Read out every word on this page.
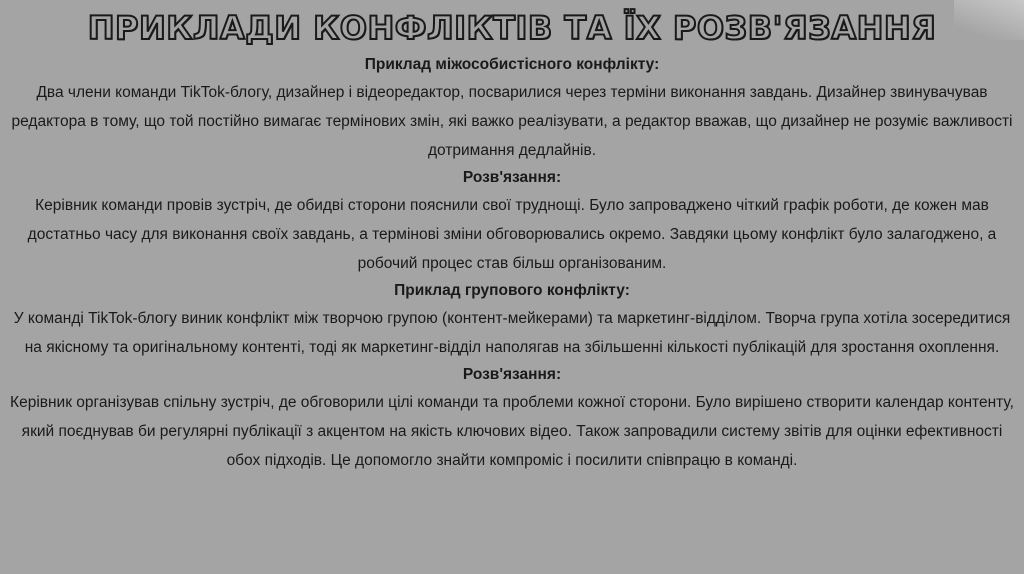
ПРИКЛАДИ КОНФЛІКТІВ ТА ЇХ РОЗВ'ЯЗАННЯ

Приклад міжособистісного конфлікту:

Два члени команди TikTok-блогу, дизайнер і відеоредактор, посварилися через терміни виконання завдань. Дизайнер звинувачував редактора в тому, що той постійно вимагає термінових змін, які важко реалізувати, а редактор вважав, що дизайнер не розуміє важливості дотримання дедлайнів.

Розв'язання:

Керівник команди провів зустріч, де обидві сторони пояснили свої труднощі. Було запроваджено чіткий графік роботи, де кожен мав достатньо часу для виконання своїх завдань, а термінові зміни обговорювались окремо. Завдяки цьому конфлікт було залагоджено, а робочий процес став більш організованим.

Приклад групового конфлікту:

У команді TikTok-блогу виник конфлікт між творчою групою (контент-мейкерами) та маркетинг-відділом. Творча група хотіла зосередитися на якісному та оригінальному контенті, тоді як маркетинг-відділ наполягав на збільшенні кількості публікацій для зростання охоплення.

Розв'язання:

Керівник організував спільну зустріч, де обговорили цілі команди та проблеми кожної сторони. Було вирішено створити календар контенту, який поєднував би регулярні публікації з акцентом на якість ключових відео. Також запровадили систему звітів для оцінки ефективності обох підходів. Це допомогло знайти компроміс і посилити співпрацю в команді.
